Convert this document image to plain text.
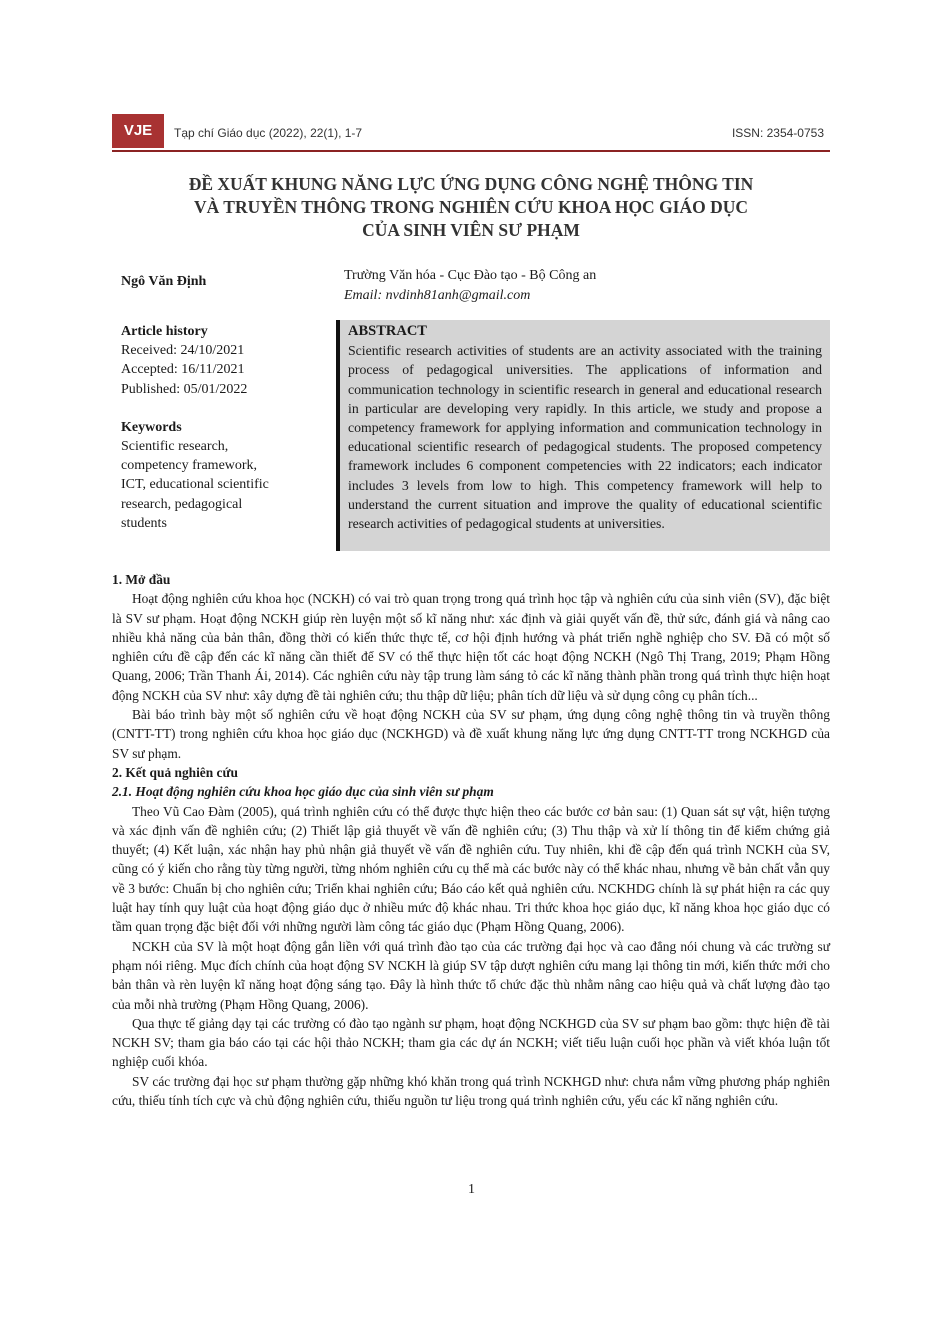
VJE	Tạp chí Giáo dục (2022), 22(1), 1-7	ISSN: 2354-0753
ĐỀ XUẤT KHUNG NĂNG LỰC ỨNG DỤNG CÔNG NGHỆ THÔNG TIN
VÀ TRUYỀN THÔNG TRONG NGHIÊN CỨU KHOA HỌC GIÁO DỤC
CỦA SINH VIÊN SƯ PHẠM
Ngô Văn Định	Trường Văn hóa - Cục Đào tạo - Bộ Công an
Email: nvdinh81anh@gmail.com
Article history
Received: 24/10/2021
Accepted: 16/11/2021
Published: 05/01/2022
Keywords
Scientific research,
competency framework,
ICT, educational scientific
research, pedagogical
students
ABSTRACT

Scientific research activities of students are an activity associated with the training process of pedagogical universities. The applications of information and communication technology in scientific research in general and educational research in particular are developing very rapidly. In this article, we study and propose a competency framework for applying information and communication technology in educational scientific research of pedagogical students. The proposed competency framework includes 6 component competencies with 22 indicators; each indicator includes 3 levels from low to high. This competency framework will help to understand the current situation and improve the quality of educational scientific research activities of pedagogical students at universities.

1. Mở đầu

Hoạt động nghiên cứu khoa học (NCKH) có vai trò quan trọng trong quá trình học tập và nghiên cứu của sinh viên (SV), đặc biệt là SV sư phạm. Hoạt động NCKH giúp rèn luyện một số kĩ năng như: xác định và giải quyết vấn đề, thử sức, đánh giá và nâng cao nhiều khả năng của bản thân, đồng thời có kiến thức thực tế, cơ hội định hướng và phát triển nghề nghiệp cho SV. Đã có một số nghiên cứu đề cập đến các kĩ năng cần thiết để SV có thể thực hiện tốt các hoạt động NCKH (Ngô Thị Trang, 2019; Phạm Hồng Quang, 2006; Trần Thanh Ái, 2014). Các nghiên cứu này tập trung làm sáng tỏ các kĩ năng thành phần trong quá trình thực hiện hoạt động NCKH của SV như: xây dựng đề tài nghiên cứu; thu thập dữ liệu; phân tích dữ liệu và sử dụng công cụ phân tích...

Bài báo trình bày một số nghiên cứu về hoạt động NCKH của SV sư phạm, ứng dụng công nghệ thông tin và truyền thông (CNTT-TT) trong nghiên cứu khoa học giáo dục (NCKHGD) và đề xuất khung năng lực ứng dụng CNTT-TT trong NCKHGD của SV sư phạm.

2. Kết quả nghiên cứu
2.1. Hoạt động nghiên cứu khoa học giáo dục của sinh viên sư phạm

Theo Vũ Cao Đàm (2005), quá trình nghiên cứu có thể được thực hiện theo các bước cơ bản sau: (1) Quan sát sự vật, hiện tượng và xác định vấn đề nghiên cứu; (2) Thiết lập giả thuyết về vấn đề nghiên cứu; (3) Thu thập và xử lí thông tin để kiểm chứng giả thuyết; (4) Kết luận, xác nhận hay phủ nhận giả thuyết về vấn đề nghiên cứu. Tuy nhiên, khi đề cập đến quá trình NCKH của SV, cũng có ý kiến cho rằng tùy từng người, từng nhóm nghiên cứu cụ thể mà các bước này có thể khác nhau, nhưng về bản chất vẫn quy về 3 bước: Chuẩn bị cho nghiên cứu; Triển khai nghiên cứu; Báo cáo kết quả nghiên cứu. NCKHDG chính là sự phát hiện ra các quy luật hay tính quy luật của hoạt động giáo dục ở nhiều mức độ khác nhau. Tri thức khoa học giáo dục, kĩ năng khoa học giáo dục có tầm quan trọng đặc biệt đối với những người làm công tác giáo dục (Phạm Hồng Quang, 2006).

NCKH của SV là một hoạt động gắn liền với quá trình đào tạo của các trường đại học và cao đẳng nói chung và các trường sư phạm nói riêng. Mục đích chính của hoạt động SV NCKH là giúp SV tập dượt nghiên cứu mang lại thông tin mới, kiến thức mới cho bản thân và rèn luyện kĩ năng hoạt động sáng tạo. Đây là hình thức tổ chức đặc thù nhằm nâng cao hiệu quả và chất lượng đào tạo của mỗi nhà trường (Phạm Hồng Quang, 2006).

Qua thực tế giảng dạy tại các trường có đào tạo ngành sư phạm, hoạt động NCKHGD của SV sư phạm bao gồm: thực hiện đề tài NCKH SV; tham gia báo cáo tại các hội thảo NCKH; tham gia các dự án NCKH; viết tiểu luận cuối học phần và viết khóa luận tốt nghiệp cuối khóa.

SV các trường đại học sư phạm thường gặp những khó khăn trong quá trình NCKHGD như: chưa nắm vững phương pháp nghiên cứu, thiếu tính tích cực và chủ động nghiên cứu, thiếu nguồn tư liệu trong quá trình nghiên cứu, yếu các kĩ năng nghiên cứu.

1
